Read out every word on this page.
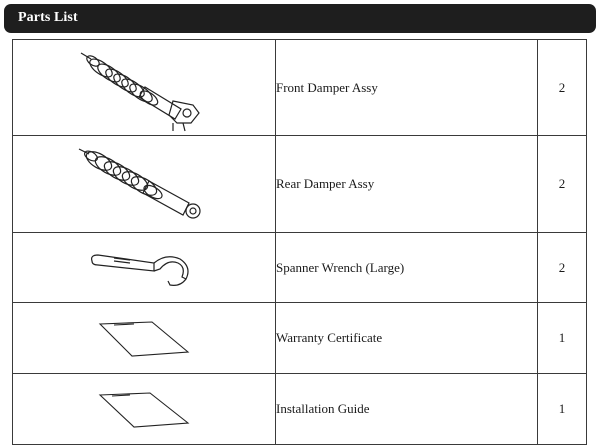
Parts List
	Front Damper Assy	2

	Rear Damper Assy	2

	Spanner Wrench (Large)	2

	Warranty Certificate	1

	Installation Guide	1
